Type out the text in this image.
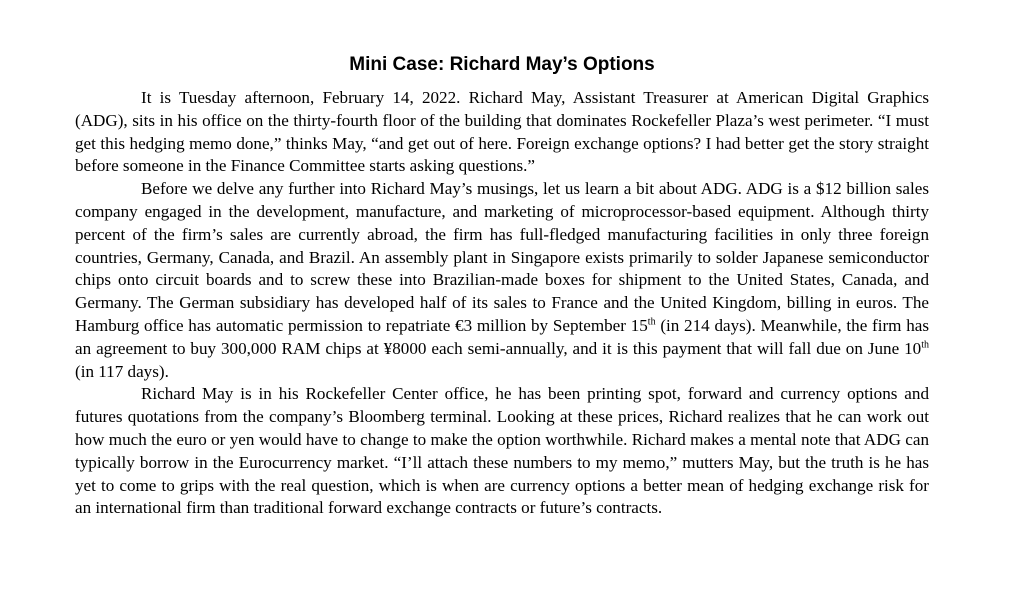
Mini Case: Richard May’s Options

It is Tuesday afternoon, February 14, 2022. Richard May, Assistant Treasurer at American Digital Graphics (ADG), sits in his office on the thirty-fourth floor of the building that dominates Rockefeller Plaza’s west perimeter. “I must get this hedging memo done,” thinks May, “and get out of here. Foreign exchange options? I had better get the story straight before someone in the Finance Committee starts asking questions.”

Before we delve any further into Richard May’s musings, let us learn a bit about ADG. ADG is a $12 billion sales company engaged in the development, manufacture, and marketing of microprocessor-based equipment. Although thirty percent of the firm’s sales are currently abroad, the firm has full-fledged manufacturing facilities in only three foreign countries, Germany, Canada, and Brazil. An assembly plant in Singapore exists primarily to solder Japanese semiconductor chips onto circuit boards and to screw these into Brazilian-made boxes for shipment to the United States, Canada, and Germany. The German subsidiary has developed half of its sales to France and the United Kingdom, billing in euros. The Hamburg office has automatic permission to repatriate €3 million by September 15th (in 214 days). Meanwhile, the firm has an agreement to buy 300,000 RAM chips at ¥8000 each semi-annually, and it is this payment that will fall due on June 10th (in 117 days).

Richard May is in his Rockefeller Center office, he has been printing spot, forward and currency options and futures quotations from the company’s Bloomberg terminal. Looking at these prices, Richard realizes that he can work out how much the euro or yen would have to change to make the option worthwhile. Richard makes a mental note that ADG can typically borrow in the Eurocurrency market. “I’ll attach these numbers to my memo,” mutters May, but the truth is he has yet to come to grips with the real question, which is when are currency options a better mean of hedging exchange risk for an international firm than traditional forward exchange contracts or future’s contracts.
